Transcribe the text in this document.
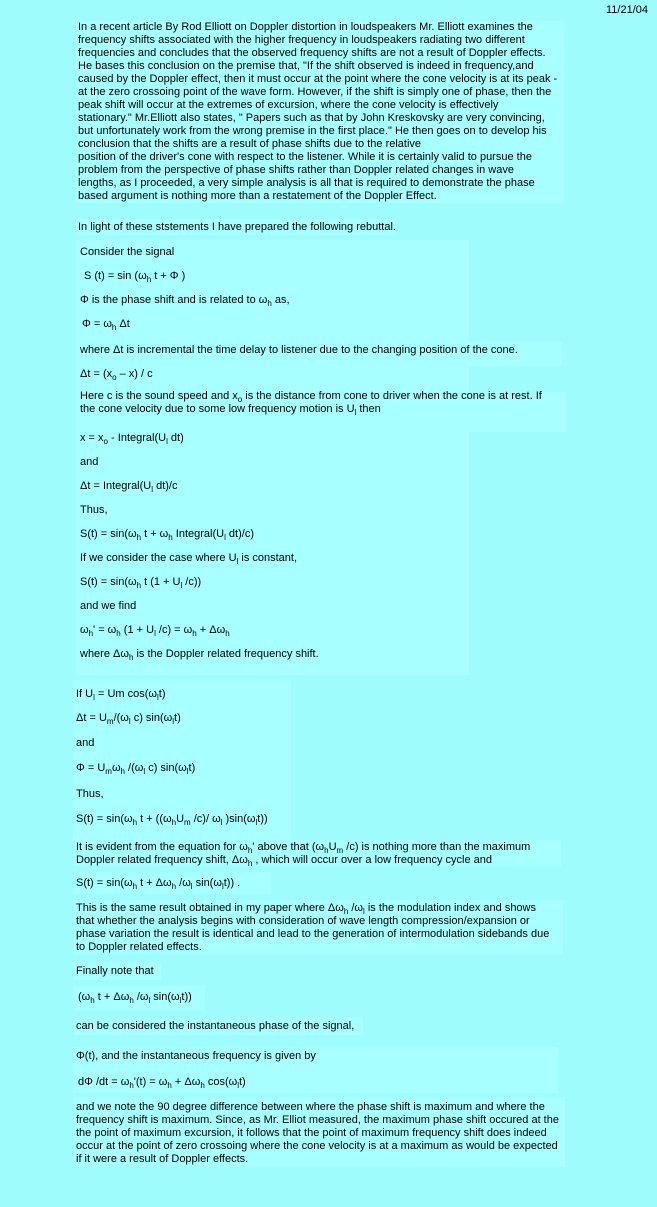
11/21/04

In a recent article By Rod Elliott on Doppler distortion in loudspeakers Mr. Elliott examines the

frequency shifts associated with the higher frequency in loudspeakers radiating two different

frequencies and concludes that the observed frequency shifts are not a result of Doppler effects.

He bases this conclusion on the premise that, "If the shift observed is indeed in frequency,and

caused by the Doppler effect, then it must occur at the point where the cone velocity is at its peak -

at the zero crossoing point of the wave form. However, if the shift is simply one of phase, then the

peak shift will occur at the extremes of excursion, where the cone velocity is effectively

stationary." Mr.Elliott also states, " Papers such as that by John Kreskovsky are very convincing,

but unfortunately work from the wrong premise in the first place." He then goes on to develop his

conclusion that the shifts are a result of phase shifts due to the relative

position of the driver's cone with respect to the listener. While it is certainly valid to pursue the

problem from the perspective of phase shifts rather than Doppler related changes in wave

lengths, as I proceeded, a very simple analysis is all that is required to demonstrate the phase

based argument is nothing more than a restatement of the Doppler Effect.

In light of these ststements I have prepared the following rebuttal.
Consider the signal
S $(t) = \sin (\omega_h$ t + Φ )
Φ is the phase shift and is related to $\omega_h$ as,
$\Phi = \omega_h$ Δt
where Δt is incremental the time delay to listener due to the changing position of the cone.
$\Delta t = (x_o - x) / c$
Here c is the sound speed and $x_o$ is the distance from cone to driver when the cone is at rest. If
the cone velocity due to some low frequency motion is $U_l$ then
$x = x_o$ - $Integral(U_l$ dt)
and
$\Delta t = Integral(U_l$ dt)/c
Thus,
$S(t) = \sin(\omega_h$ $t + \omega_h$ $Integral(U_l$ dt)/c)
If we consider the case where $U_l$ is constant,
$S(t) = \sin(\omega_h$ t ($1 + U_l$ /c))
and we find
$\omega_h' = \omega_h$ ($1 + U_l$ $/c) = \omega_h + \Delta\omega_h$
where $\Delta\omega_h$ is the Doppler related frequency shift.
If $U_l = Um$ $\cos(\omega_lt)$
$\Delta t = U_m/(\omega_l$ c) $\sin(\omega_lt)$
and
$\Phi = U_m\omega_h$ $/(\omega_l$ c) $\sin(\omega_lt)$
Thus,
$S(t) = \sin(\omega_h$ $t + ((\omega_hU_m$ /c)/ $\omega_l$ )$\sin(\omega_lt)$)
It is evident from the equation for $\omega_h'$ above that ($\omega_hU_m$ /c) is nothing more than the maximum
Doppler related frequency shift, $\Delta\omega_h$ , which will occur over a low frequency cycle and
$S(t) = \sin(\omega_h$ $t + \Delta\omega_h$ $/\omega_l$ $\sin(\omega_lt)$) .
This is the same result obtained in my paper where $\Delta\omega_h$ $/\omega_l$ is the modulation index and shows
that whether the analysis begins with consideration of wave length compression/expansion or
phase variation the result is identical and lead to the generation of intermodulation sidebands due
to Doppler related effects.
Finally note that
($\omega_h$ $t + \Delta\omega_h$ $/\omega_l$ $\sin(\omega_lt)$)
can be considered the instantaneous phase of the signal,
Φ(t), and the instantaneous frequency is given by
dΦ $/dt = \omega_h'(t) = \omega_h + \Delta\omega_h$ $\cos(\omega_lt)$
and we note the 90 degree difference between where the phase shift is maximum and where the
frequency shift is maximum. Since, as Mr. Elliot measured, the maximum phase shift occured at the
the point of maximum excursion, it follows that the point of maximum frequency shift does indeed
occur at the point of zero crossoing where the cone velocity is at a maximum as would be expected
if it were a result of Doppler effects.
